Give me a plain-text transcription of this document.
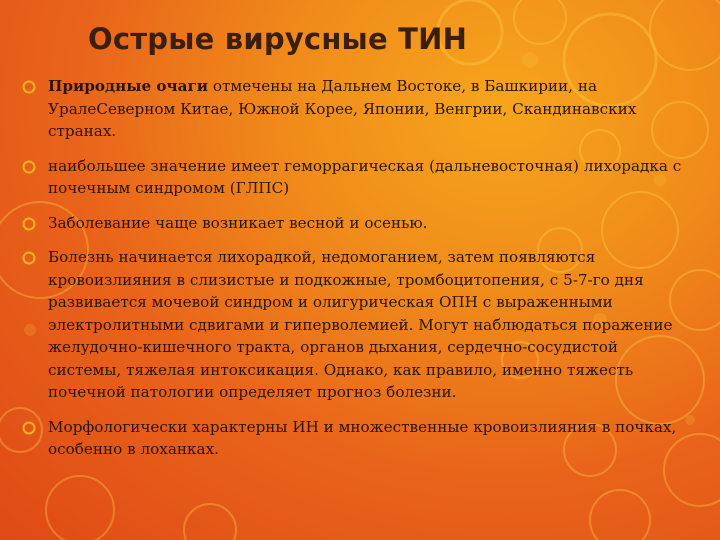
Острые вирусные ТИН
Природные очаги отмечены на Дальнем Востоке, в Башкирии, на УралеСеверном Китае, Южной Корее, Японии, Венгрии, Скандинавских странах.
наибольшее значение имеет геморрагическая (дальневосточная) лихорадка с почечным синдромом (ГЛПС)
Заболевание чаще возникает весной и осенью.
Болезнь начинается лихорадкой, недомоганием, затем появляются кровоизлияния в слизистые и подкожные, тромбоцитопения, с 5-7-го дня развивается мочевой синдром и олигурическая ОПН с выраженными электролитными сдвигами и гиперволемией. Могут наблюдаться поражение желудочно-кишечного тракта, органов дыхания, сердечно-сосудистой системы, тяжелая интоксикация. Однако, как правило, именно тяжесть почечной патологии определяет прогноз болезни.
Морфологически характерны ИН и множественные кровоизлияния в почках, особенно в лоханках.
